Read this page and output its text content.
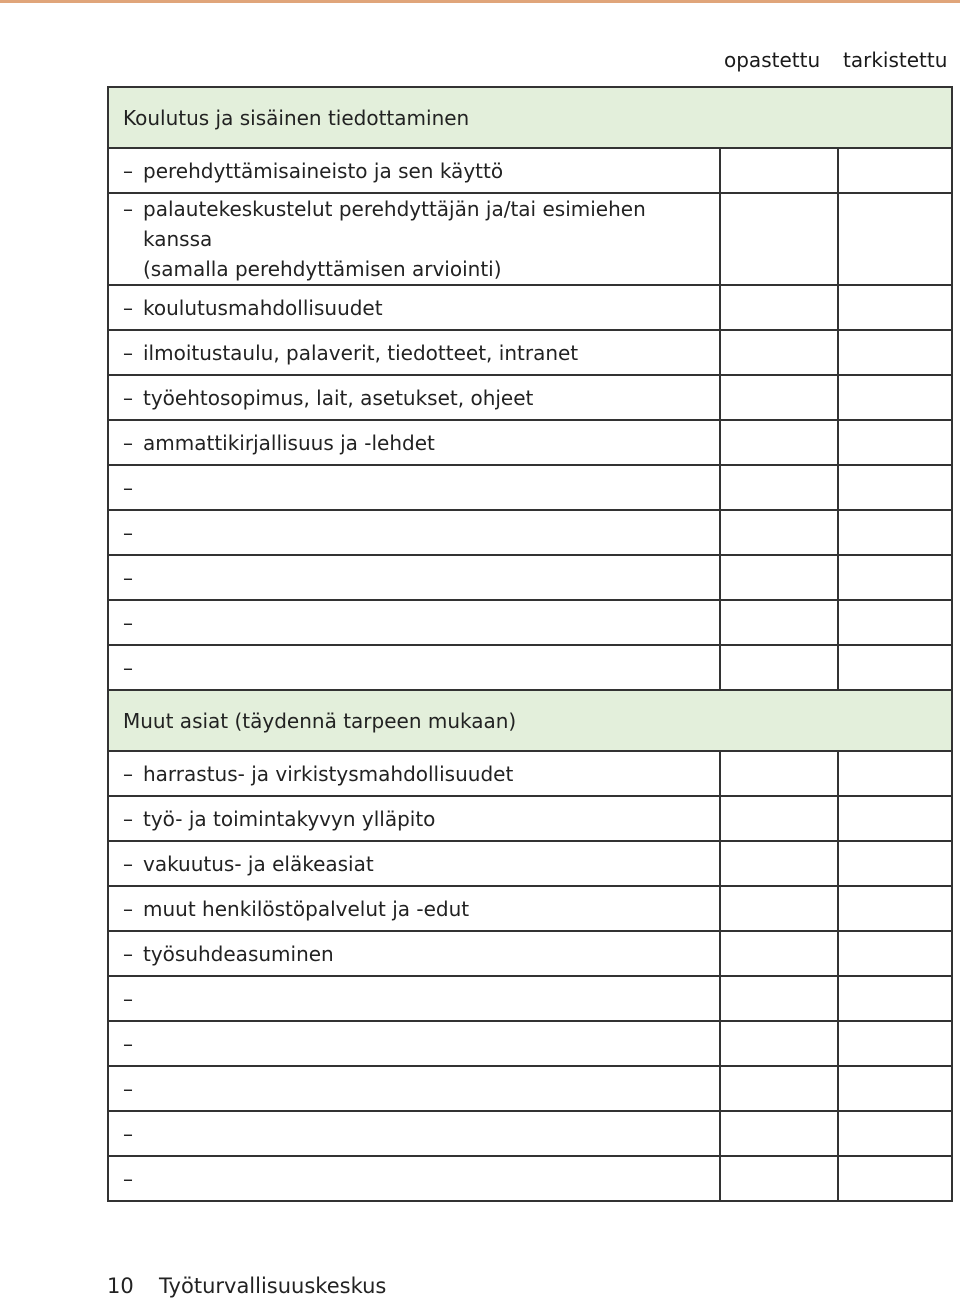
opastettu tarkistettu
Koulutus ja sisäinen tiedottaminen		

– perehdyttämisaineisto ja sen käyttö		

– palautekeskustelut perehdyttäjän ja/tai esimiehen kanssa
(samalla perehdyttämisen arviointi)		

– koulutusmahdollisuudet		

– ilmoitustaulu, palaverit, tiedotteet, intranet		

– työehtosopimus, lait, asetukset, ohjeet		

– ammattikirjallisuus ja -lehdet		

–		

–		

–		

–		

–		

Muut asiat (täydennä tarpeen mukaan)		

– harrastus- ja virkistysmahdollisuudet		

– työ- ja toimintakyvyn ylläpito		

– vakuutus- ja eläkeasiat		

– muut henkilöstöpalvelut ja -edut		

– työsuhdeasuminen		

–		

–		

–		

–		

–		

10 Työturvallisuuskeskus
